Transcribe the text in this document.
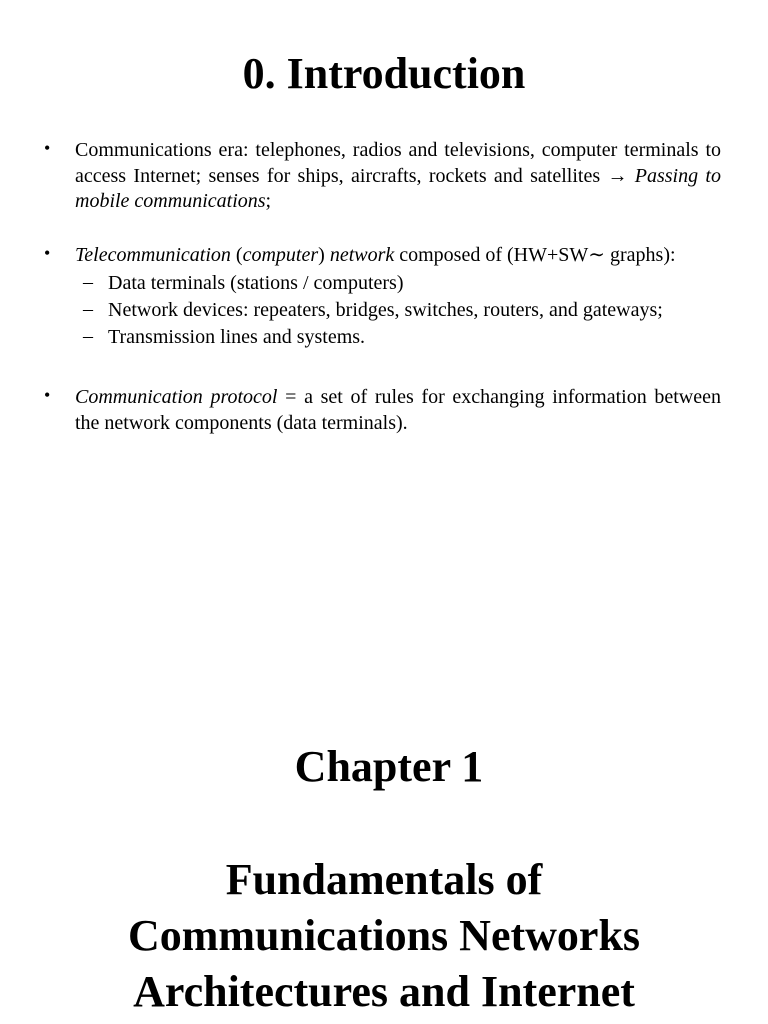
0. Introduction
• Communications era: telephones, radios and televisions, computer terminals to access Internet; senses for ships, aircrafts, rockets and satellites → Passing to mobile communications;
• Telecommunication (computer) network composed of (HW+SW∼ graphs):
– Data terminals (stations / computers)
– Network devices: repeaters, bridges, switches, routers, and gateways;
– Transmission lines and systems.
• Communication protocol = a set of rules for exchanging information between the network components (data terminals).
Chapter 1
Fundamentals of
Communications Networks
Architectures and Internet
